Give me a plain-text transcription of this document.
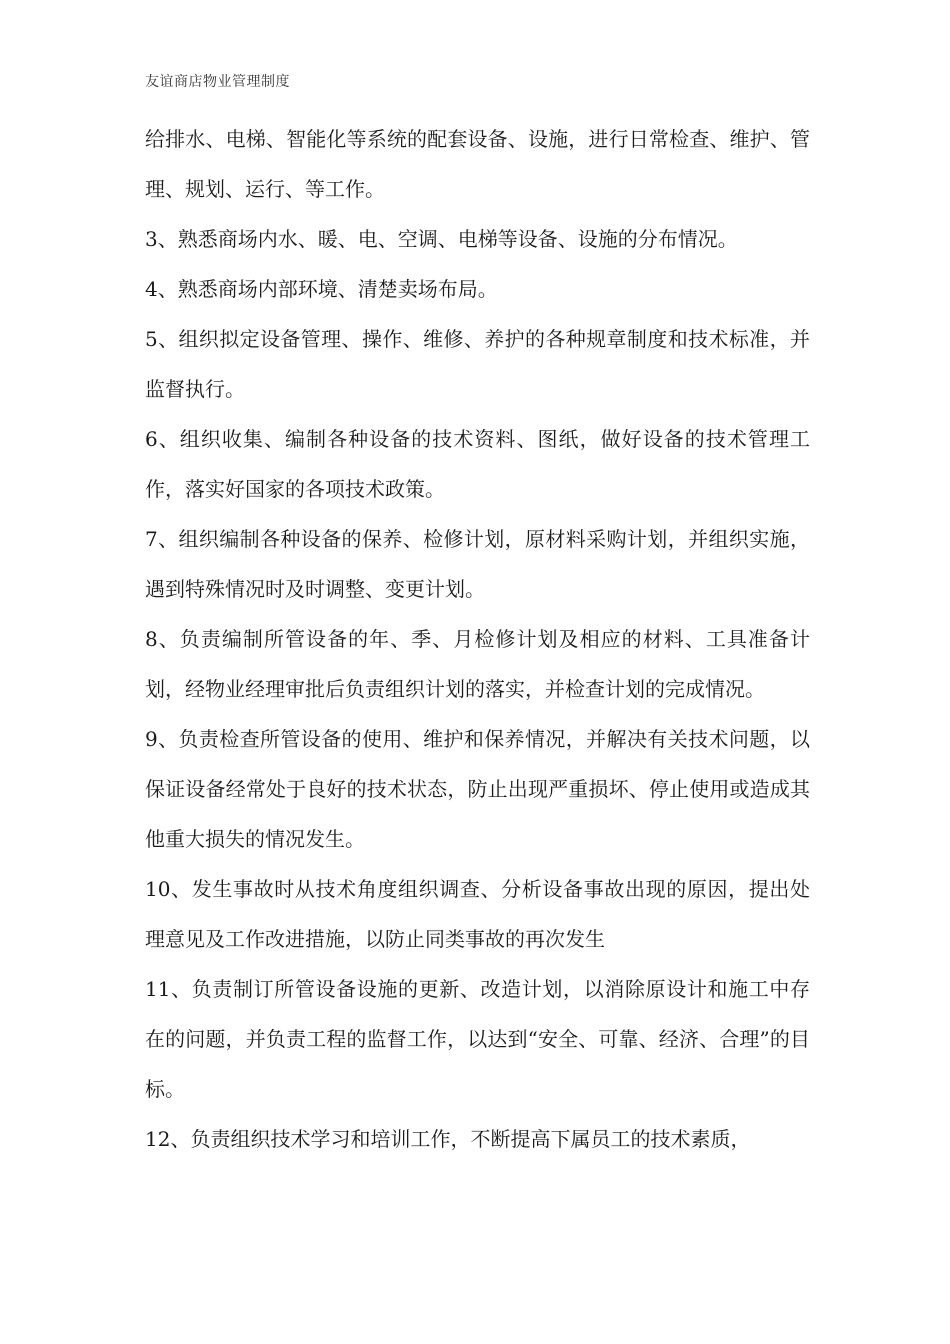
友谊商店物业管理制度

给排水、电梯、智能化等系统的配套设备、设施，进行日常检查、维护、管理、规划、运行、等工作。

3、熟悉商场内水、暖、电、空调、电梯等设备、设施的分布情况。

4、熟悉商场内部环境、清楚卖场布局。

5、组织拟定设备管理、操作、维修、养护的各种规章制度和技术标准，并监督执行。

6、组织收集、编制各种设备的技术资料、图纸，做好设备的技术管理工作，落实好国家的各项技术政策。

7、组织编制各种设备的保养、检修计划，原材料采购计划，并组织实施，遇到特殊情况时及时调整、变更计划。

8、负责编制所管设备的年、季、月检修计划及相应的材料、工具准备计划，经物业经理审批后负责组织计划的落实，并检查计划的完成情况。

9、负责检查所管设备的使用、维护和保养情况，并解决有关技术问题，以保证设备经常处于良好的技术状态，防止出现严重损坏、停止使用或造成其他重大损失的情况发生。

10、发生事故时从技术角度组织调查、分析设备事故出现的原因，提出处理意见及工作改进措施，以防止同类事故的再次发生

11、负责制订所管设备设施的更新、改造计划，以消除原设计和施工中存在的问题，并负责工程的监督工作，以达到“安全、可靠、经济、合理”的目标。

12、负责组织技术学习和培训工作，不断提高下属员工的技术素质，
